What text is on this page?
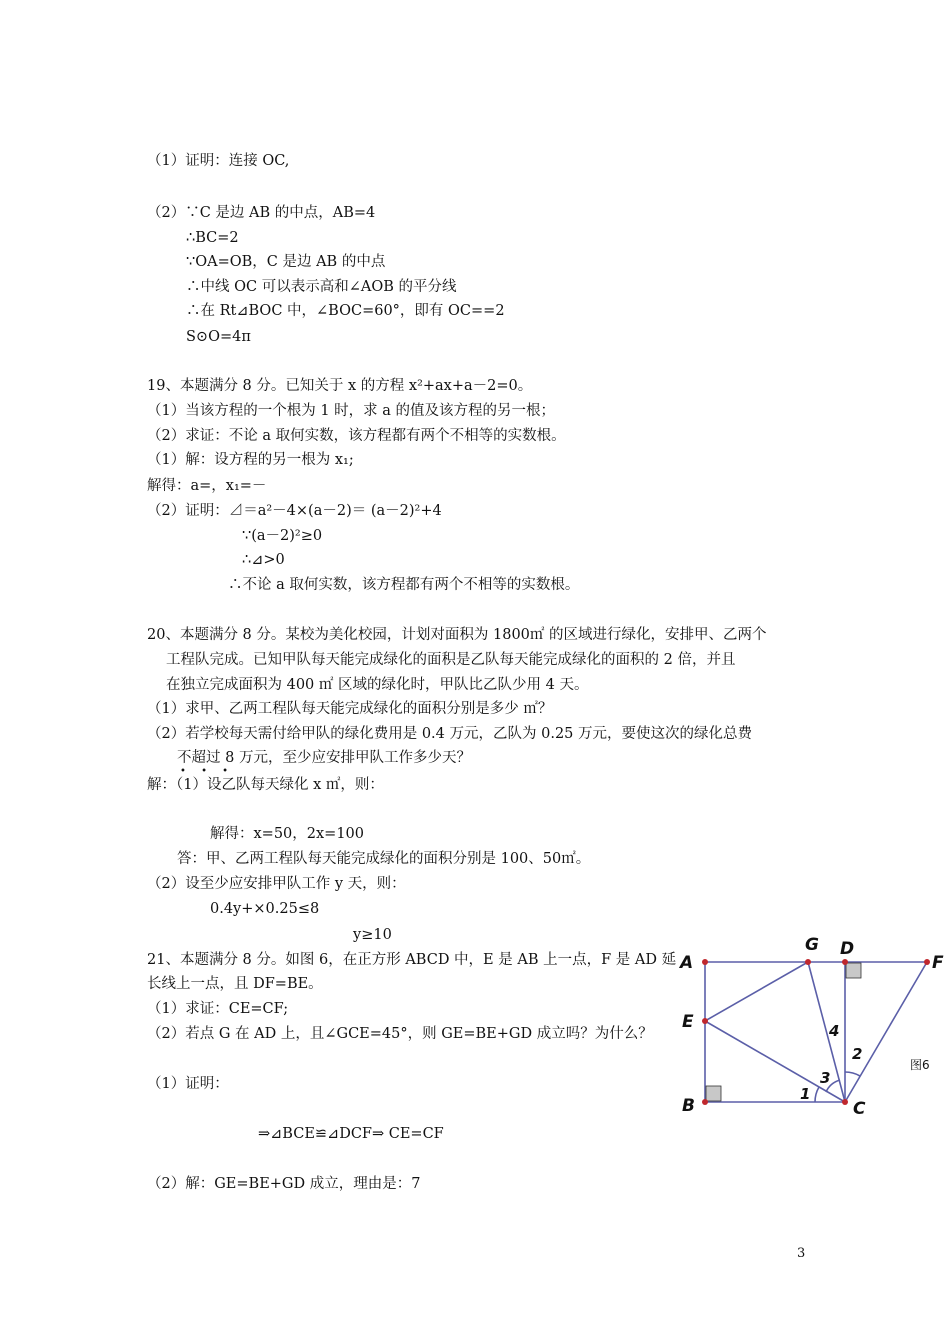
（1）证明：连接 OC,
（2）∵C 是边 AB 的中点，AB=4
∴BC=2
∵OA=OB，C 是边 AB 的中点
∴中线 OC 可以表示高和∠AOB 的平分线
∴在 Rt⊿BOC 中，∠BOC=60°，即有 OC==2
S⊙O=4π
19、本题满分 8 分。已知关于 x 的方程 x²+ax+a－2=0。
（1）当该方程的一个根为 1 时，求 a 的值及该方程的另一根；
（2）求证：不论 a 取何实数，该方程都有两个不相等的实数根。
（1）解：设方程的另一根为 x₁;
解得：a=，x₁=－
（2）证明：⊿＝a²－4×(a－2)＝ (a－2)²+4
∵(a－2)²≥0
∴⊿>0
∴不论 a 取何实数，该方程都有两个不相等的实数根。
20、本题满分 8 分。某校为美化校园，计划对面积为 1800㎡ 的区域进行绿化，安排甲、乙两个
工程队完成。已知甲队每天能完成绿化的面积是乙队每天能完成绿化的面积的 2 倍，并且
在独立完成面积为 400 ㎡ 区域的绿化时，甲队比乙队少用 4 天。
（1）求甲、乙两工程队每天能完成绿化的面积分别是多少 ㎡？
（2）若学校每天需付给甲队的绿化费用是 0.4 万元，乙队为 0.25 万元，要使这次的绿化总费
不超过 8 万元，至少应安排甲队工作多少天？
• • •
解：（1）设乙队每天绿化 x ㎡，则：
解得：x=50，2x=100
答：甲、乙两工程队每天能完成绿化的面积分别是 100、50㎡。
（2）设至少应安排甲队工作 y 天，则：
0.4y+×0.25≤8
y≥10
21、本题满分 8 分。如图 6，在正方形 ABCD 中，E 是 AB 上一点，F 是 AD 延
长线上一点，且 DF=BE。
（1）求证：CE=CF;
（2）若点 G 在 AD 上，且∠GCE=45°，则 GE=BE+GD 成立吗？为什么？
（1）证明：
⇒⊿BCE≌⊿DCF⇒ CE=CF
（2）解：GE=BE+GD 成立，理由是：7
A
G D
F
E
B	C
1
3
4
2
图6
3
